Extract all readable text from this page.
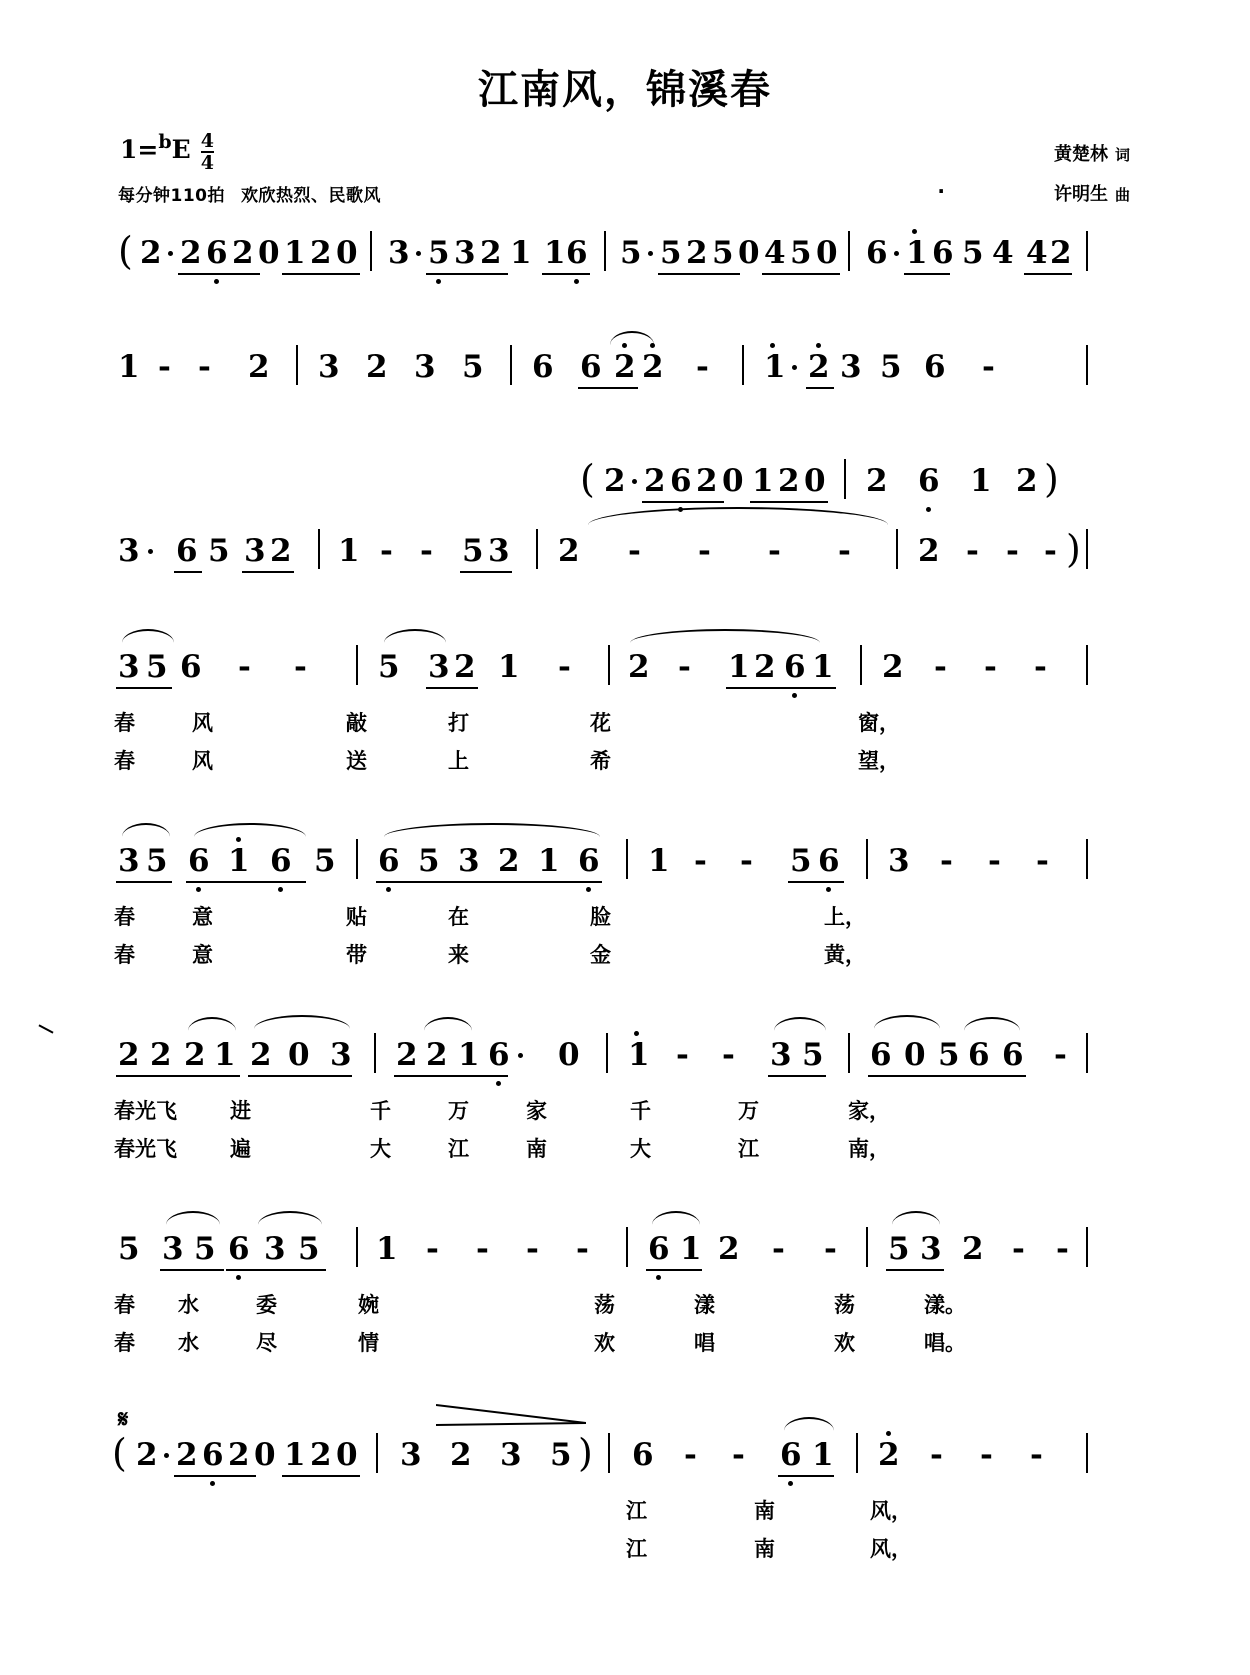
江南风，锦溪春
1= b E $\frac{4}{4}$
每分钟110拍 欢欣热烈、民歌风	·
黄楚林 词
许明生 曲
( 2 2 6 2 0 1 2 0 3 5 3 2 1 1 6 5 5 2 5 0 4 5 0 6 1 6 5 4 4 2
1 - - 2 3 2 3 5 6 6 2 2 - 1 2 3 5 6 -
( 2 2 6 2 0 1 2 0 2 6 1 2 )
3 6 5 3 2 1 - - 5 3 2 - - - - 2 - - - )
3 5 6 - - 5 3 2 1 - 2 - 1 2 6 1 2 - - -
春	风	敲	打	花	窗，
春	风	送	上	希	望，
3 5 6 1 6 5 6 5 3 2 1 6 1 - - 5 6 3 - - -
春	意	贴	在	脸	上，
春	意	带	来	金	黄，
2 2 2 1 2 0 3 2 2 1 6 0 1 - - 3 5 6 0 5 6 6 -
春光飞	进	千	万	家	千	万	家，
春光飞	遍	大	江	南	大	江	南，
5 3 5 6 3 5 1 - - - - 6 1 2 - - 5 3 2 - -
春 水	委	婉	荡	漾	荡	漾。
春 水	尽	情	欢	唱	欢	唱。
𝄋
( 2 2 6 2 0 1 2 0 3 2 3 5 ) 6 - - 6 1 2 - - -
江	南	风，
江	南	风，
